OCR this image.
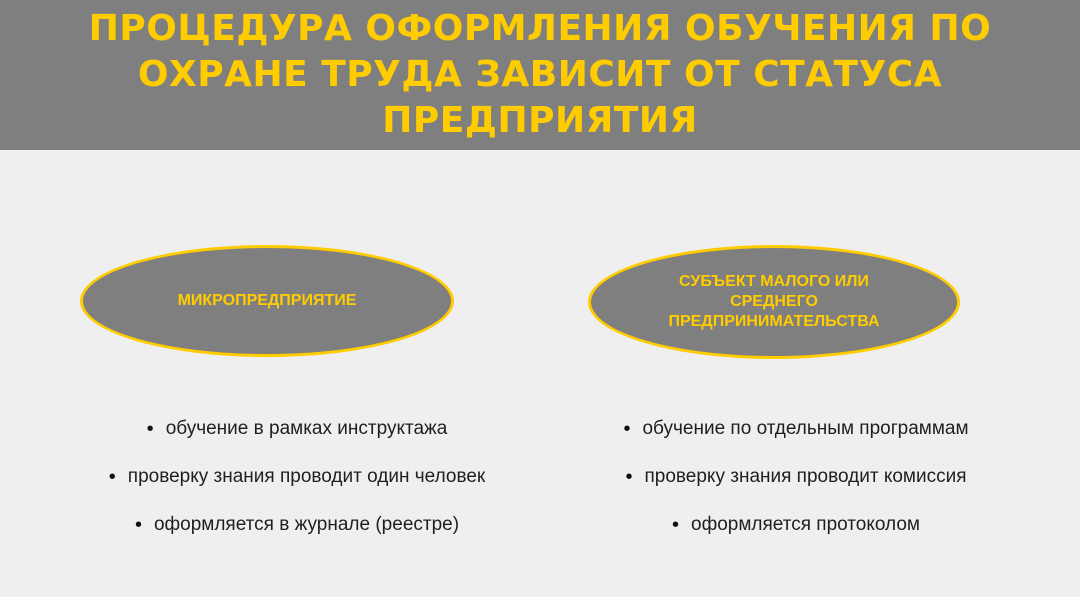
ПРОЦЕДУРА ОФОРМЛЕНИЯ ОБУЧЕНИЯ ПО
ОХРАНЕ ТРУДА ЗАВИСИТ ОТ СТАТУСА
ПРЕДПРИЯТИЯ
МИКРОПРЕДПРИЯТИЕ
СУБЪЕКТ МАЛОГО ИЛИ СРЕДНЕГО ПРЕДПРИНИМАТЕЛЬСТВА
• обучение в рамках инструктажа
• проверку знания проводит один человек
• оформляется в журнале (реестре)
• обучение по отдельным программам
• проверку знания проводит комиссия
• оформляется протоколом
